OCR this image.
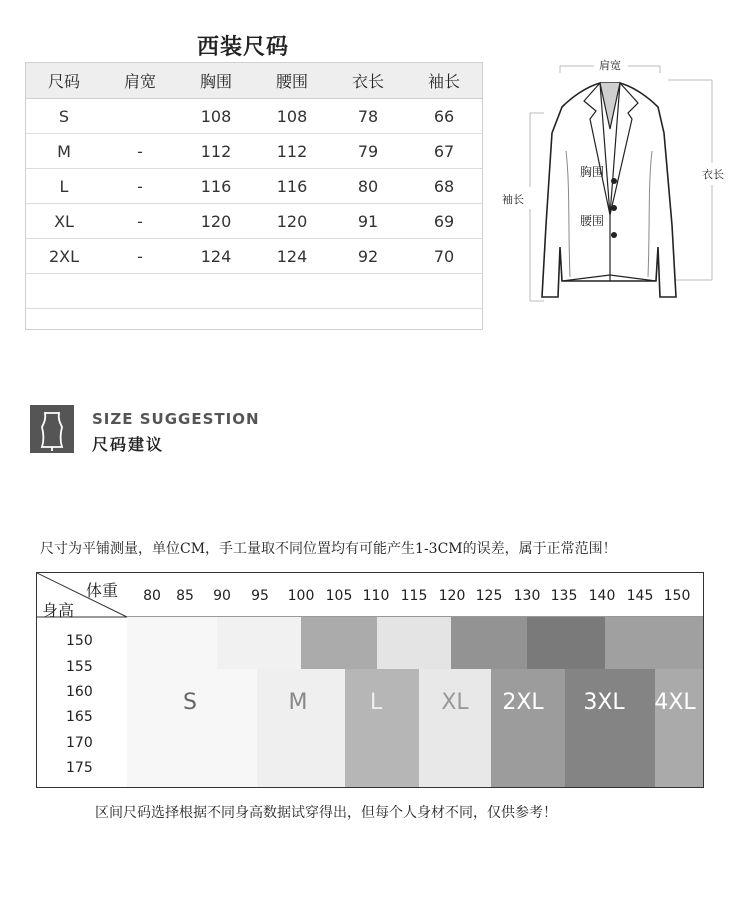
西装尺码
尺码	肩宽	胸围	腰围	衣长	袖长
S		108	108	78	66
M	-	112	112	79	67
L	-	116	116	80	68
XL	-	120	120	91	69
2XL	-	124	124	92	70

肩宽
衣长
袖长
胸围
腰围
SIZE SUGGESTION
尺码建议
尺寸为平铺测量，单位CM，手工量取不同位置均有可能产生1-3CM的误差，属于正常范围！
体重
身高
80	85	90	95	100 105 110 115 120 125 130 135 140 145 150
150
155
160
165
170
175
S	M	L	XL	2XL	3XL	4XL
区间尺码选择根据不同身高数据试穿得出，但每个人身材不同，仅供参考！
